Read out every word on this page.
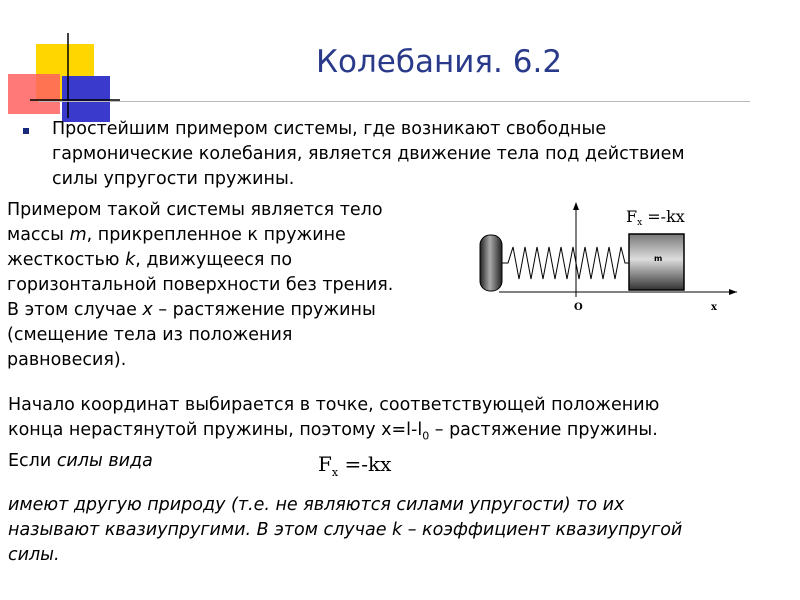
Колебания. 6.2
Простейшим примером системы, где возникают свободные
гармонические колебания, является движение тела под действием
силы упругости пружины.
Примером такой системы является тело
массы m, прикрепленное к пружине
жесткостью k, движущееся по
горизонтальной поверхности без трения.
В этом случае x – растяжение пружины
(смещение тела из положения
равновесия).
m
Fx =-kx
O	x
Начало координат выбирается в точке, соответствующей положению
конца нерастянутой пружины, поэтому $x=l-l_0$ – растяжение пружины.
Если силы вида	$F_x =-kx$
имеют другую природу (т.е. не являются силами упругости) то их
называют квазиупругими. В этом случае k – коэффициент квазиупругой
силы.
